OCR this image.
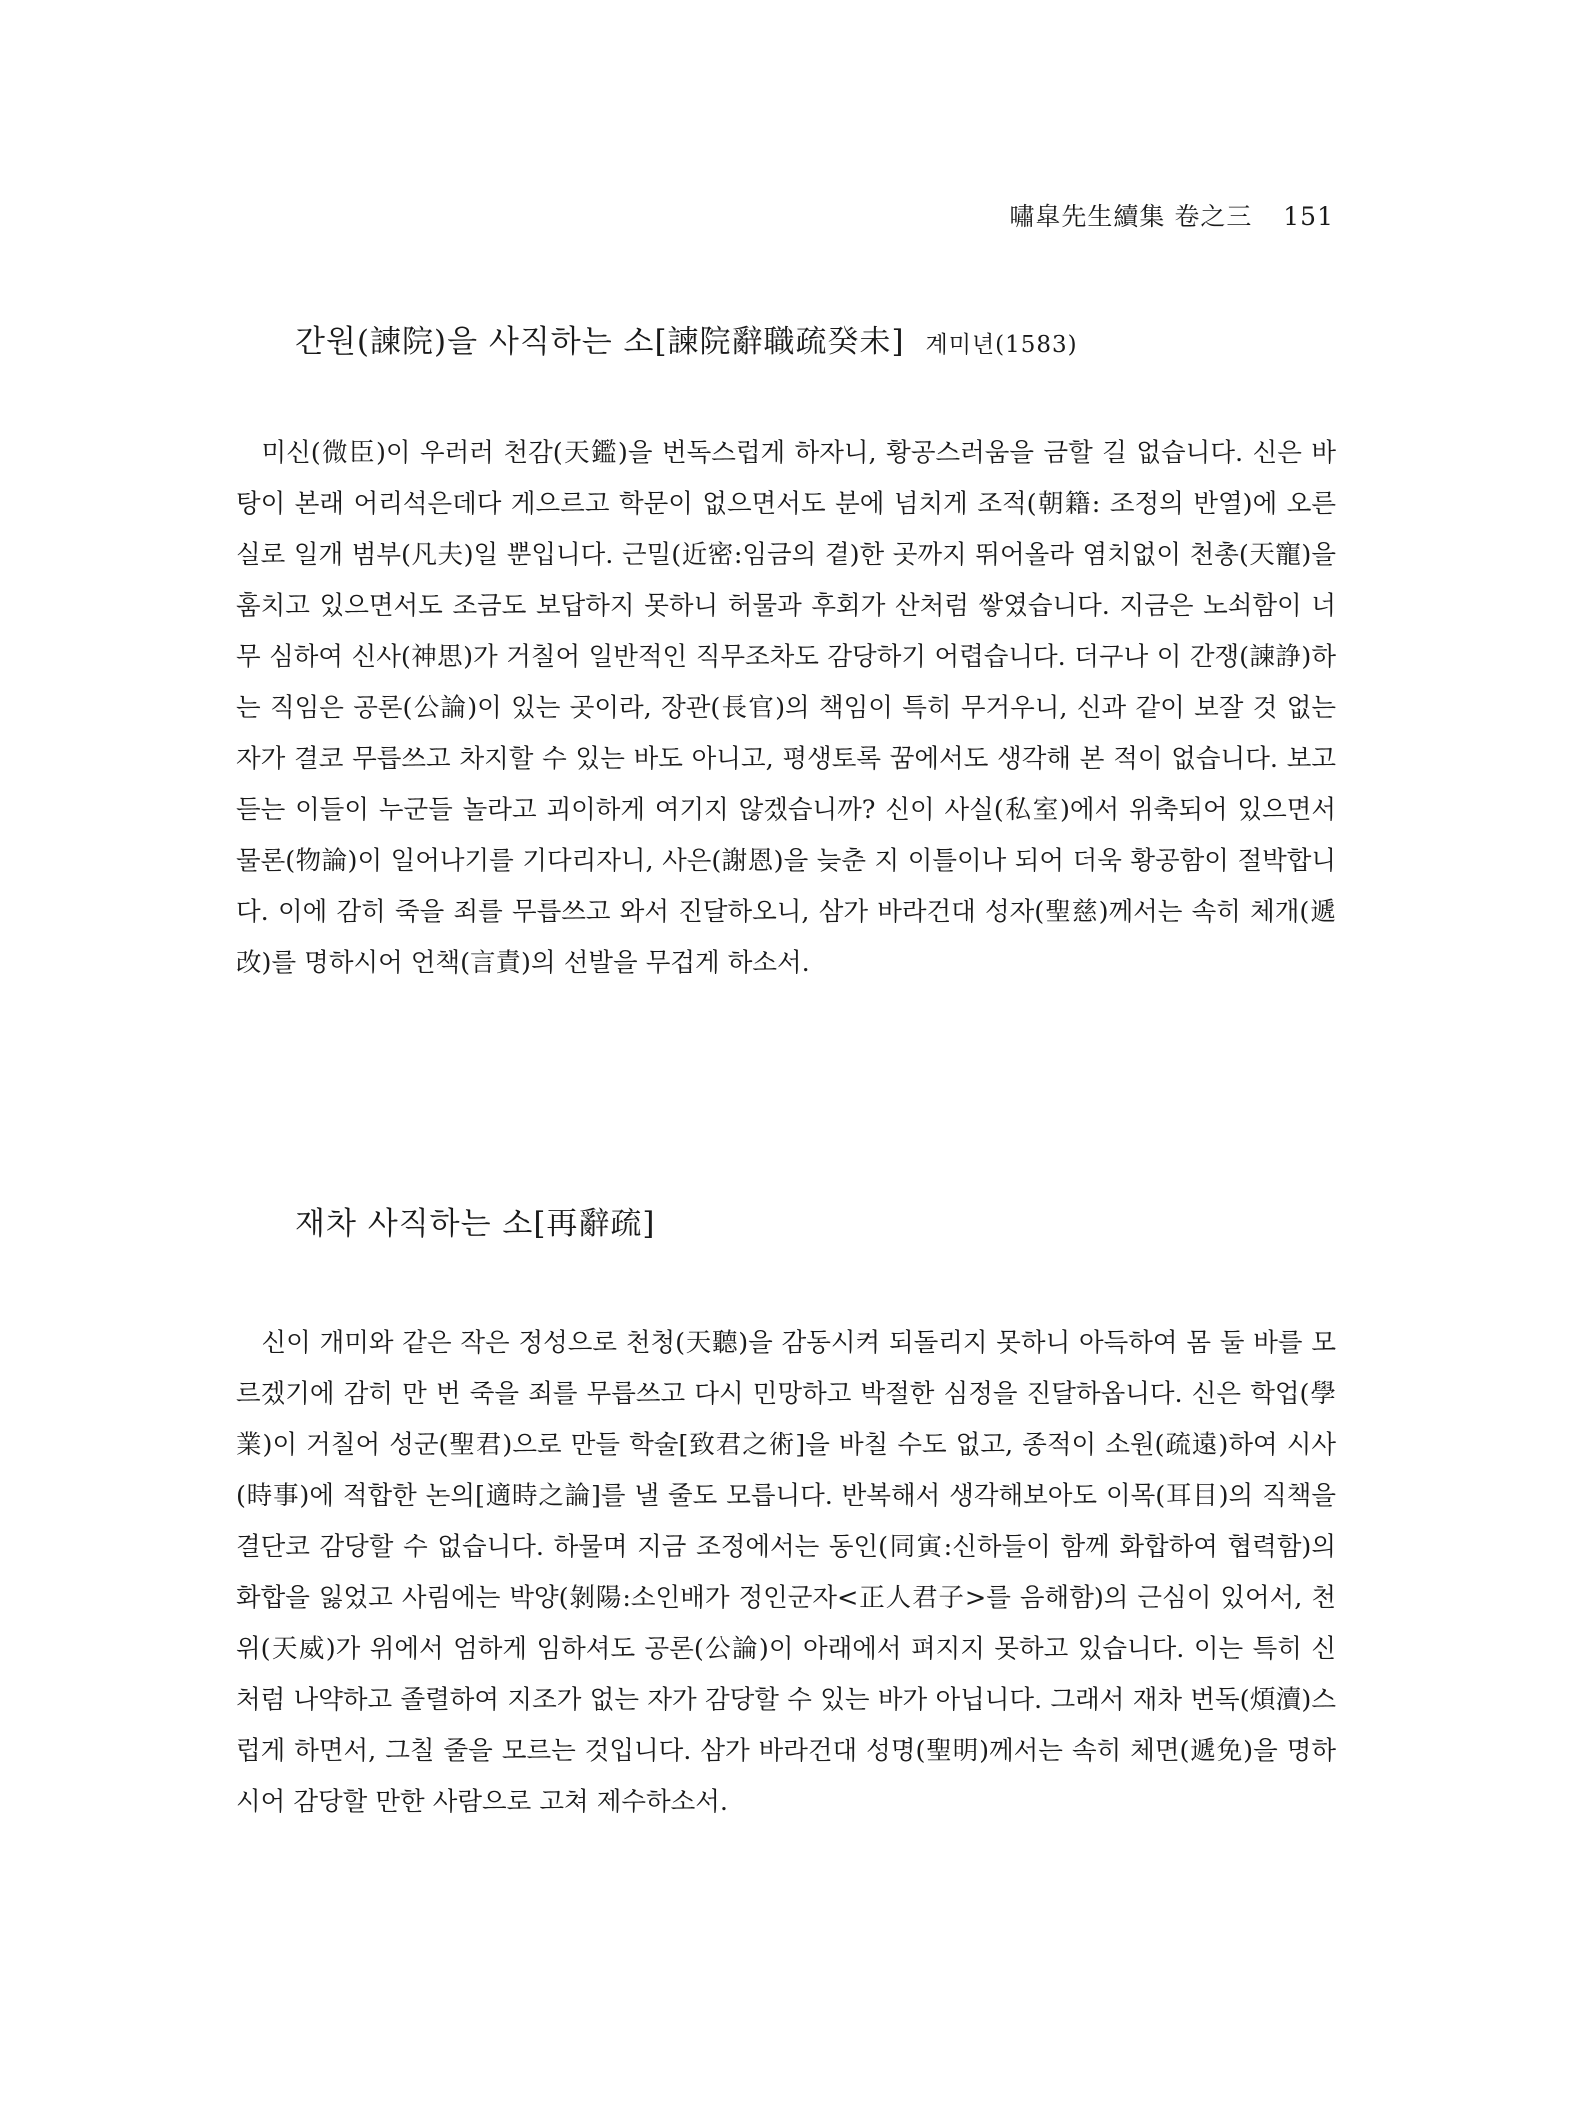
嘯皐先生續集 卷之三 151
간원(諫院)을 사직하는 소[諫院辭職疏癸未] 계미년(1583)

미신(微臣)이 우러러 천감(天鑑)을 번독스럽게 하자니, 황공스러움을 금할 길 없습니다. 신은 바탕이 본래 어리석은데다 게으르고 학문이 없으면서도 분에 넘치게 조적(朝籍: 조정의 반열)에 오른 실로 일개 범부(凡夫)일 뿐입니다. 근밀(近密:임금의 곁)한 곳까지 뛰어올라 염치없이 천총(天寵)을 훔치고 있으면서도 조금도 보답하지 못하니 허물과 후회가 산처럼 쌓였습니다. 지금은 노쇠함이 너무 심하여 신사(神思)가 거칠어 일반적인 직무조차도 감당하기 어렵습니다. 더구나 이 간쟁(諫諍)하는 직임은 공론(公論)이 있는 곳이라, 장관(長官)의 책임이 특히 무거우니, 신과 같이 보잘 것 없는 자가 결코 무릅쓰고 차지할 수 있는 바도 아니고, 평생토록 꿈에서도 생각해 본 적이 없습니다. 보고 듣는 이들이 누군들 놀라고 괴이하게 여기지 않겠습니까? 신이 사실(私室)에서 위축되어 있으면서 물론(物論)이 일어나기를 기다리자니, 사은(謝恩)을 늦춘 지 이틀이나 되어 더욱 황공함이 절박합니다. 이에 감히 죽을 죄를 무릅쓰고 와서 진달하오니, 삼가 바라건대 성자(聖慈)께서는 속히 체개(遞改)를 명하시어 언책(言責)의 선발을 무겁게 하소서.

재차 사직하는 소[再辭疏]

신이 개미와 같은 작은 정성으로 천청(天聽)을 감동시켜 되돌리지 못하니 아득하여 몸 둘 바를 모르겠기에 감히 만 번 죽을 죄를 무릅쓰고 다시 민망하고 박절한 심정을 진달하옵니다. 신은 학업(學業)이 거칠어 성군(聖君)으로 만들 학술[致君之術]을 바칠 수도 없고, 종적이 소원(疏遠)하여 시사(時事)에 적합한 논의[適時之論]를 낼 줄도 모릅니다. 반복해서 생각해보아도 이목(耳目)의 직책을 결단코 감당할 수 없습니다. 하물며 지금 조정에서는 동인(同寅:신하들이 함께 화합하여 협력함)의 화합을 잃었고 사림에는 박양(剝陽:소인배가 정인군자<正人君子>를 음해함)의 근심이 있어서, 천위(天威)가 위에서 엄하게 임하셔도 공론(公論)이 아래에서 펴지지 못하고 있습니다. 이는 특히 신처럼 나약하고 졸렬하여 지조가 없는 자가 감당할 수 있는 바가 아닙니다. 그래서 재차 번독(煩瀆)스럽게 하면서, 그칠 줄을 모르는 것입니다. 삼가 바라건대 성명(聖明)께서는 속히 체면(遞免)을 명하시어 감당할 만한 사람으로 고쳐 제수하소서.
